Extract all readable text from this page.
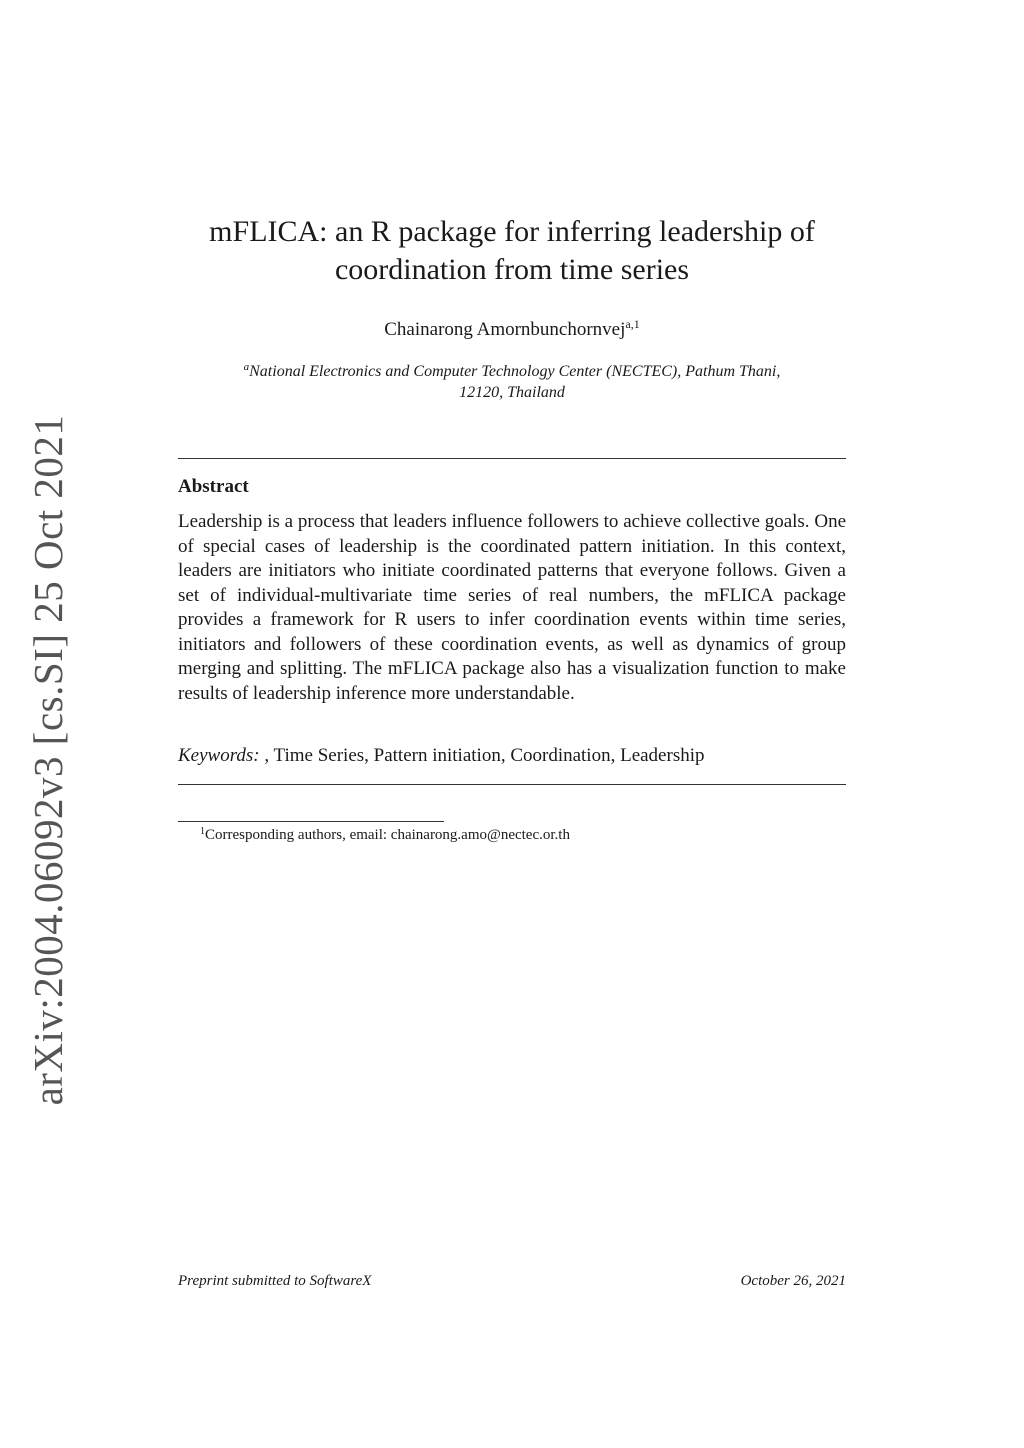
arXiv:2004.06092v3 [cs.SI] 25 Oct 2021
mFLICA: an R package for inferring leadership of
coordination from time series
Chainarong Amornbunchornvej$^{a,1}$
$^a$National Electronics and Computer Technology Center (NECTEC), Pathum Thani,
12120, Thailand
Abstract

Leadership is a process that leaders influence followers to achieve collective goals. One of special cases of leadership is the coordinated pattern initiation. In this context, leaders are initiators who initiate coordinated patterns that everyone follows. Given a set of individual-multivariate time series of real numbers, the mFLICA package provides a framework for R users to infer coordination events within time series, initiators and followers of these coordination events, as well as dynamics of group merging and splitting. The mFLICA package also has a visualization function to make results of leadership inference more understandable.

Keywords: , Time Series, Pattern initiation, Coordination, Leadership
$^1$Corresponding authors, email: chainarong.amo@nectec.or.th
Preprint submitted to SoftwareX	October 26, 2021
